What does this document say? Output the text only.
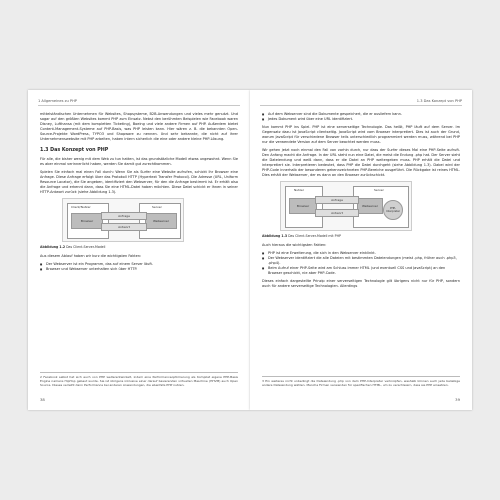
1 Allgemeines zu PHP

mittelständischen Unternehmen für Websites, Shopsysteme, B2B-Anwendungen und vieles mehr genutzt. Und sogar auf den größten Websites kommt PHP zum Einsatz. Nebst den berühmten Beispielen wie Facebook waren Disney, Lufthansa (mit dem kompletten Ticketing), Boeing und viele andere Firmen auf PHP. Außerdem bietet Content-Management-Systeme auf PHP-Basis, was PHP leisten kann. Hier wären z. B. die bekannten Open-Source-Projekte WordPress, TYPO3 und Shopware zu nennen. Und sehr bekannte, die nicht auf ihrer Unternehmenswebsite mit PHP arbeiten, haben intern sicherlich die eine oder andere kleine PHP-Lösung.

1.3 Das Konzept von PHP

Für alle, die bisher wenig mit dem Web zu tun hatten, ist das grundsätzliche Modell etwas ungewohnt. Wenn Sie es aber einmal verinnerlicht haben, werden Sie damit gut zurechtkommen.

Spielen Sie einfach mal einen Fall durch: Wenn Sie als Surfer eine Website aufrufen, schickt Ihr Browser eine Anfrage. Diese Anfrage erfolgt über das Protokoll HTTP (Hypertext Transfer Protocol). Die Adresse (URL, Uniform Resource Locator), die Sie angeben, identifiziert den Webserver, für den die Anfrage bestimmt ist. Er erhält also die Anfrage und erkennt dann, dass Sie eine HTML-Datei haben möchten. Diese Datei schickt er Ihnen in seiner HTTP-Antwort zurück (siehe Abbildung 1.3).

Client/Nutzer
Browser
Server
Webserver
Anfrage
Antwort
Abbildung 1.2 Das Client-Server-Modell

Aus diesem Ablauf haben wir kurz die wichtigsten Fakten:

■ Der Webserver ist ein Programm, das auf einem Server läuft.
■ Browser und Webserver unterhalten sich über HTTP.

2 Facebook selbst hat sich auch von PHP weiterentwickelt, indem eine Performanceoptimierung als Kompilat eigene PHP-Basis Engine namens HipHop gebaut wurde. Sie ist übrigens inklusive einer darauf basierenden virtuellen Maschine (HHVM) auch Open Source. Dieses verleiht dann Performance bei anderen Anwendungen, die ebenfalls PHP nutzen.

38
1.3 Das Konzept von PHP
■ Auf dem Webserver sind die Dokumente gespeichert, die er ausliefern kann.
■ Jedes Dokument wird über eine URL identifiziert.

Nun kommt PHP ins Spiel. PHP ist eine serverseitige Technologie. Das heißt, PHP läuft auf dem Server. Im Gegensatz dazu ist JavaScript clientseitig. JavaScript wird vom Browser interpretiert. Dies ist auch der Grund, warum JavaScript für verschiedene Browser teils unterschiedlich programmiert werden muss, während bei PHP nur die verwendete Version auf dem Server beachtet werden muss.

Wir gehen jetzt noch einmal den Fall von vorhin durch, nur dass der Surfer dieses Mal eine PHP-Seite aufruft. Den Anfang macht die Anfrage. In der URL steht nun eine Datei, die meist die Endung .php hat. Der Server sieht die Dateiendung und weiß dann, dass er die Datei an PHP weitergeben muss. PHP erhält die Datei und interpretiert sie. Interpretieren bedeutet, dass PHP die Datei durchgeht (siehe Abbildung 1.3). Dabei wird der PHP-Code innerhalb der besonderen gekennzeichneten PHP-Bereiche ausgeführt. Die Rückgabe ist reines HTML. Dies erhält der Webserver, der es dann an den Browser zurückschickt.

Nutzer
Browser
Server
Webserver
PHP-Interpreter
Anfrage
Antwort
Abbildung 1.3 Das Client-Server-Modell mit PHP

Auch hieraus die wichtigsten Fakten:

■ PHP ist eine Erweiterung, die sich in den Webserver einklinkt.
■ Der Webserver identifiziert die alle Dateien mit bestimmten Dateiendungen (meist .php, früher auch .php3, .php4).
■ Beim Aufruf einer PHP-Seite wird am Schluss immer HTML (und eventuell CSS und JavaScript) an den Browser geschickt, nie aber PHP-Code.

Dieses einfach dargestellte Prinzip einer serverseitigen Technologie gilt übrigens nicht nur für PHP, sondern auch für andere serverseitige Technologien. Allerdings

3 Ein weiteres nicht unbedingt die Dateiendung .php von dem PHP-Interpreter verknüpfen, weshalb können auch jede beliebige andere Dateiendung wählen. Manche Firmen verwenden für spezifischen HTML, um zu verschleiern, dass sie PHP einsetzen.

39
